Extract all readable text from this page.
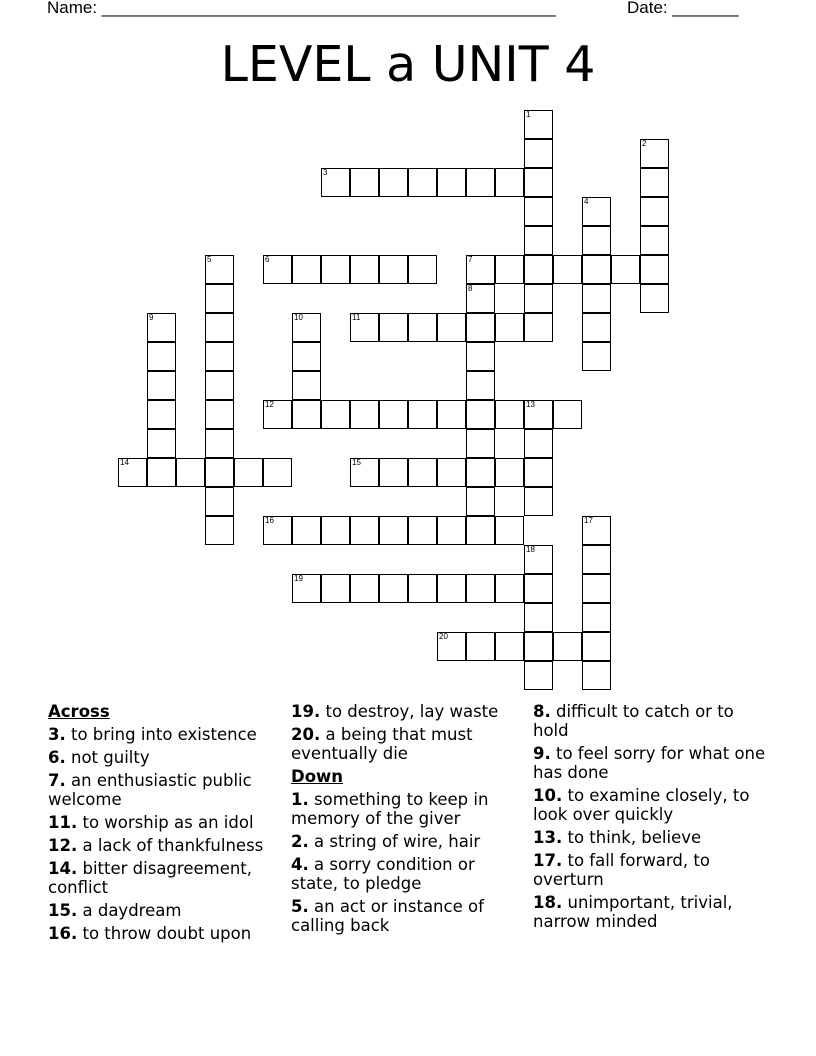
Name: ________________________________________________	Date: _______
LEVEL a UNIT 4
1
13
2
3
4
5	6	7
8
9	10	11
12
14	15
16	17
18
19
20
Across
3. to bring into existence
6. not guilty
7. an enthusiastic public welcome
11. to worship as an idol
12. a lack of thankfulness
14. bitter disagreement, conflict
15. a daydream
16. to throw doubt upon
19. to destroy, lay waste
20. a being that must eventually die
Down
1. something to keep in memory of the giver
2. a string of wire, hair
4. a sorry condition or state, to pledge
5. an act or instance of calling back
8. difficult to catch or to hold
9. to feel sorry for what one has done
10. to examine closely, to look over quickly
13. to think, believe
17. to fall forward, to overturn
18. unimportant, trivial, narrow minded
